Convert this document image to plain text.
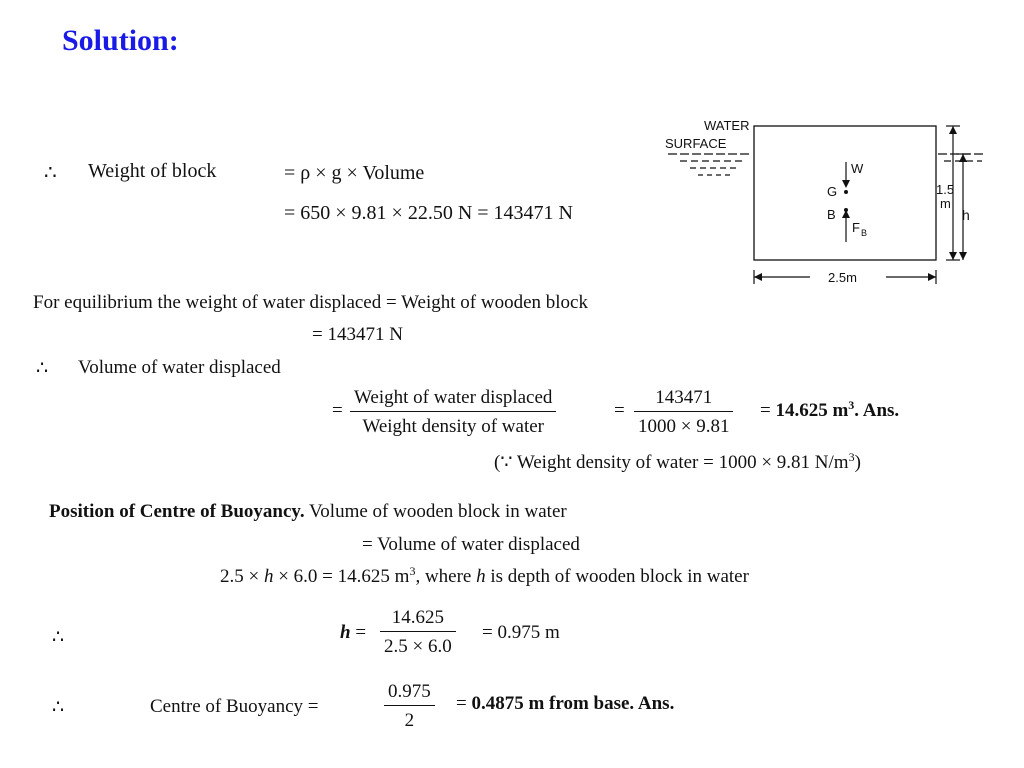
Solution:
∴ Weight of block	= ρ × g × Volume
= 650 × 9.81 × 22.50 N = 143471 N
WATER
SURFACE
W
G
B
F B
1.5
m
h
2.5m
For equilibrium the weight of water displaced = Weight of wooden block
= 143471 N
∴ Volume of water displaced
=
Weight of water displaced
Weight density of water
=
143471
1000 × 9.81
= 14.625 $m^3$. Ans.
(∵ Weight density of water = 1000 × 9.81 $N/m^3$)
Position of Centre of Buoyancy. Volume of wooden block in water
= Volume of water displaced
2.5 × h × 6.0 = 14.625 $m^3$, where h is depth of wooden block in water
∴	h =
14.625
2.5 × 6.0
= 0.975 m
∴	Centre of Buoyancy =
0.975
2
= 0.4875 m from base. Ans.
